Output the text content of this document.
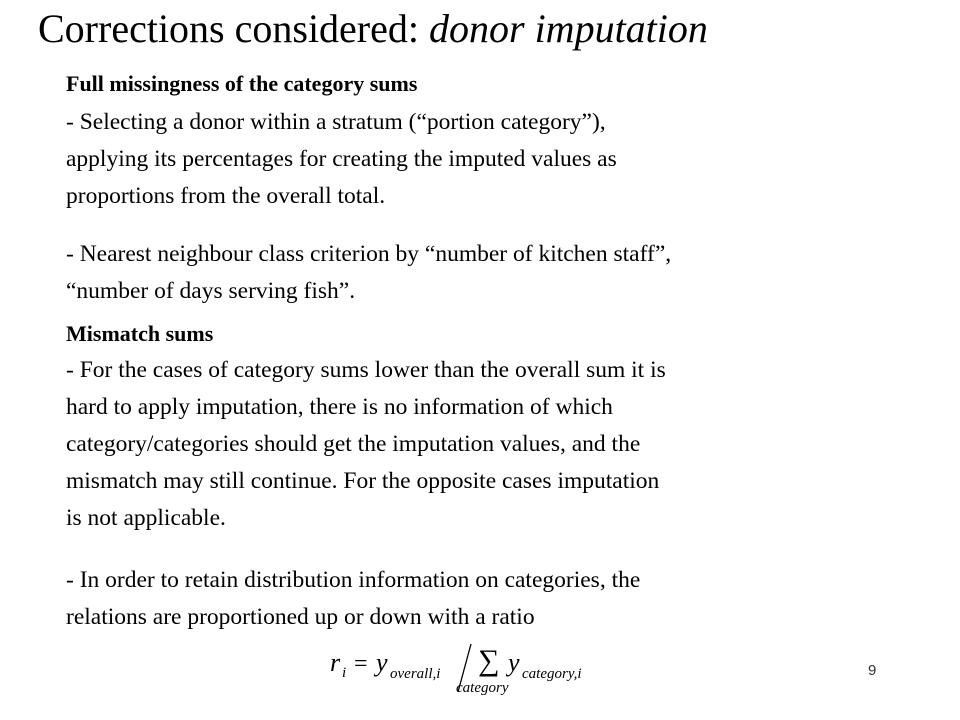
Corrections considered: donor imputation
Full missingness of the category sums
- Selecting a donor within a stratum (“portion category”),
applying its percentages for creating the imputed values as
proportions from the overall total.
- Nearest neighbour class criterion by “number of kitchen staff”,
“number of days serving fish”.
Mismatch sums
- For the cases of category sums lower than the overall sum it is
hard to apply imputation, there is no information of which
category/categories should get the imputation values, and the
mismatch may still continue. For the opposite cases imputation
is not applicable.
- In order to retain distribution information on categories, the
relations are proportioned up or down with a ratio
r i = y overall,i ∑
category
y category,i	9
